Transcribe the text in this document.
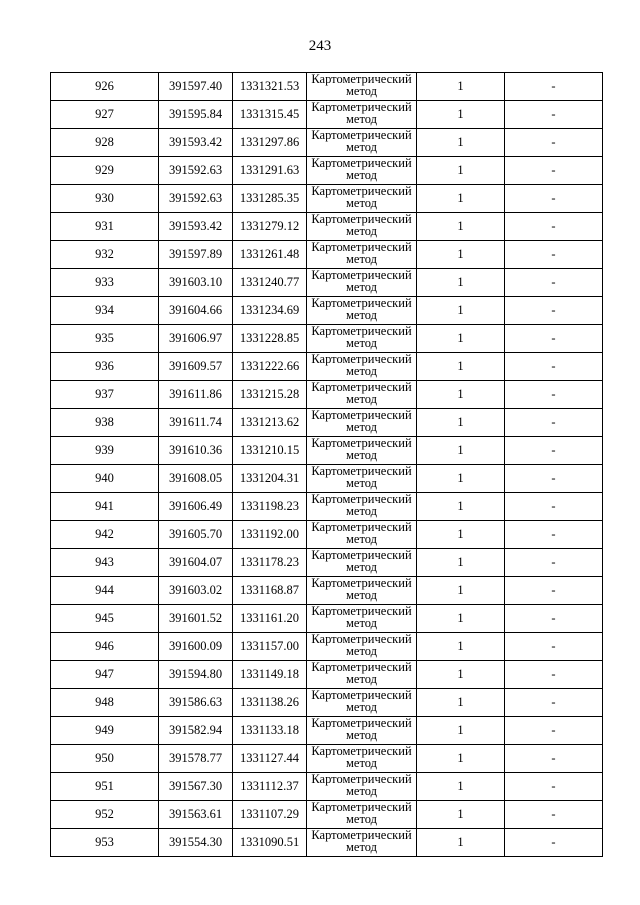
243
926	391597.40	1331321.53	Картометрический
метод	1	-
927	391595.84	1331315.45	Картометрический
метод	1	-
928	391593.42	1331297.86	Картометрический
метод	1	-
929	391592.63	1331291.63	Картометрический
метод	1	-
930	391592.63	1331285.35	Картометрический
метод	1	-
931	391593.42	1331279.12	Картометрический
метод	1	-
932	391597.89	1331261.48	Картометрический
метод	1	-
933	391603.10	1331240.77	Картометрический
метод	1	-
934	391604.66	1331234.69	Картометрический
метод	1	-
935	391606.97	1331228.85	Картометрический
метод	1	-
936	391609.57	1331222.66	Картометрический
метод	1	-
937	391611.86	1331215.28	Картометрический
метод	1	-
938	391611.74	1331213.62	Картометрический
метод	1	-
939	391610.36	1331210.15	Картометрический
метод	1	-
940	391608.05	1331204.31	Картометрический
метод	1	-
941	391606.49	1331198.23	Картометрический
метод	1	-
942	391605.70	1331192.00	Картометрический
метод	1	-
943	391604.07	1331178.23	Картометрический
метод	1	-
944	391603.02	1331168.87	Картометрический
метод	1	-
945	391601.52	1331161.20	Картометрический
метод	1	-
946	391600.09	1331157.00	Картометрический
метод	1	-
947	391594.80	1331149.18	Картометрический
метод	1	-
948	391586.63	1331138.26	Картометрический
метод	1	-
949	391582.94	1331133.18	Картометрический
метод	1	-
950	391578.77	1331127.44	Картометрический
метод	1	-
951	391567.30	1331112.37	Картометрический
метод	1	-
952	391563.61	1331107.29	Картометрический
метод	1	-
953	391554.30	1331090.51	Картометрический
метод	1	-
